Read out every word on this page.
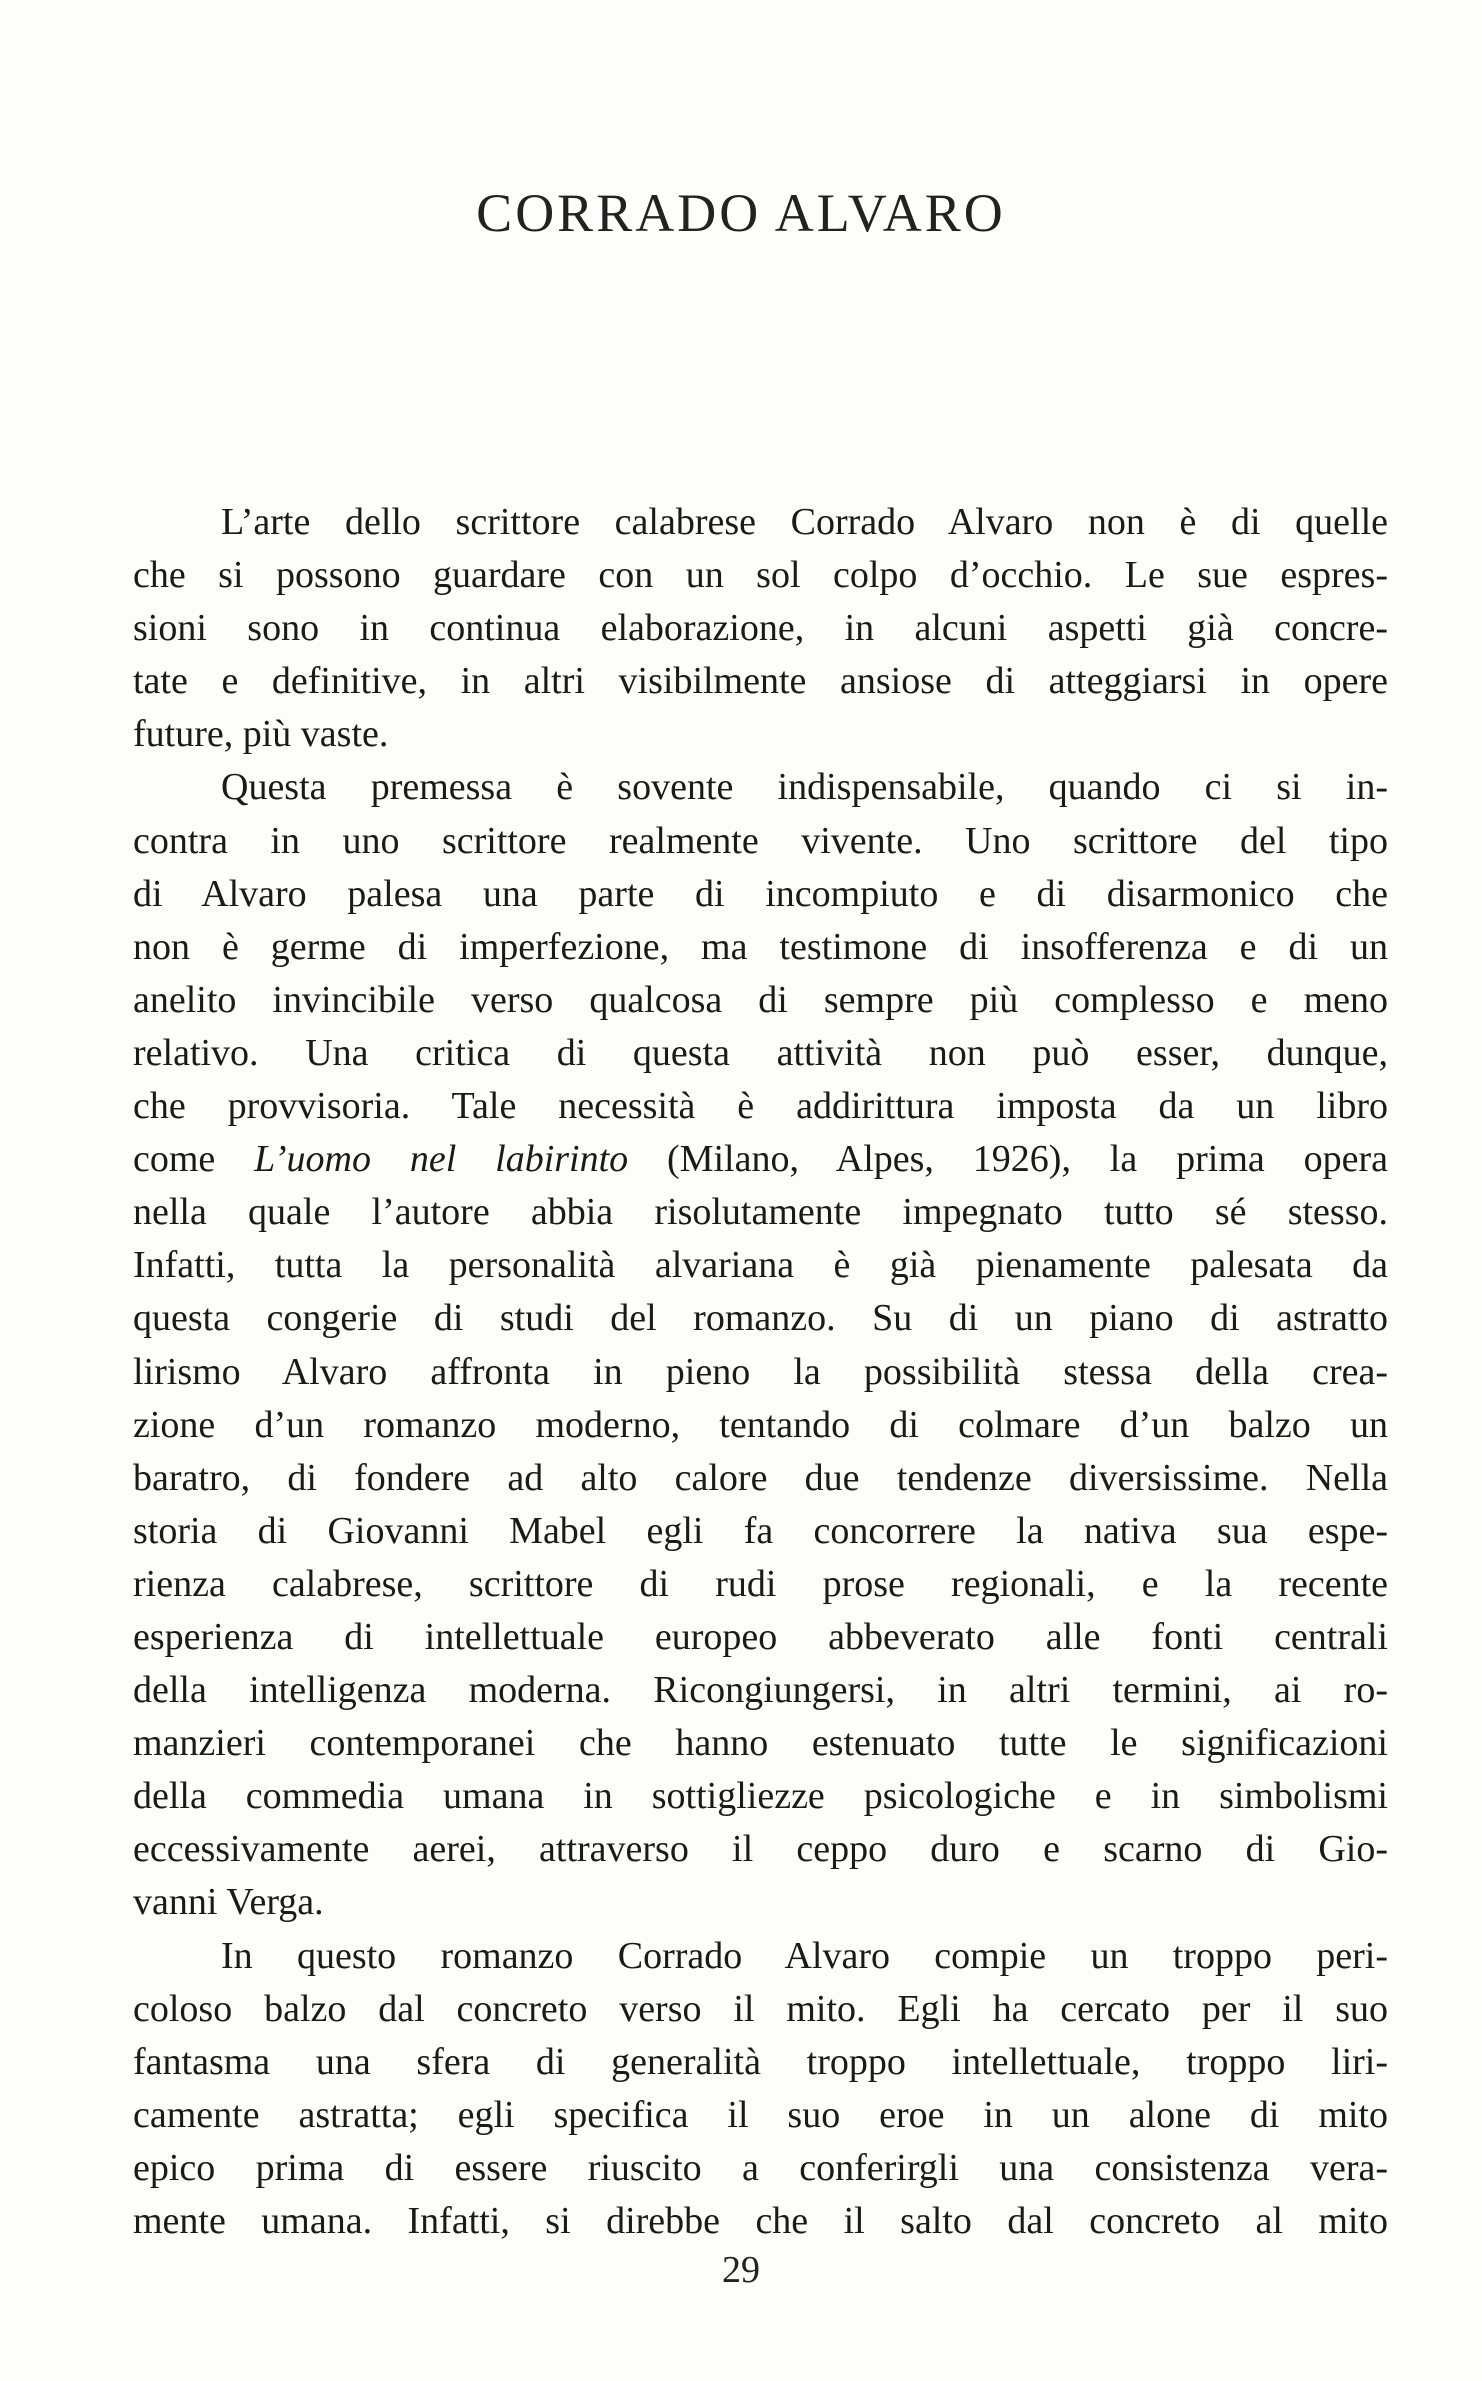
CORRADO ALVARO
L’arte dello scrittore calabrese Corrado Alvaro non è di quelle
che si possono guardare con un sol colpo d’occhio. Le sue espres-
sioni sono in continua elaborazione, in alcuni aspetti già concre-
tate e definitive, in altri visibilmente ansiose di atteggiarsi in opere
future, più vaste.
Questa premessa è sovente indispensabile, quando ci si in-
contra in uno scrittore realmente vivente. Uno scrittore del tipo
di Alvaro palesa una parte di incompiuto e di disarmonico che
non è germe di imperfezione, ma testimone di insofferenza e di un
anelito invincibile verso qualcosa di sempre più complesso e meno
relativo. Una critica di questa attività non può esser, dunque,
che provvisoria. Tale necessità è addirittura imposta da un libro
come L’uomo nel labirinto (Milano, Alpes, 1926), la prima opera
nella quale l’autore abbia risolutamente impegnato tutto sé stesso.
Infatti, tutta la personalità alvariana è già pienamente palesata da
questa congerie di studi del romanzo. Su di un piano di astratto
lirismo Alvaro affronta in pieno la possibilità stessa della crea-
zione d’un romanzo moderno, tentando di colmare d’un balzo un
baratro, di fondere ad alto calore due tendenze diversissime. Nella
storia di Giovanni Mabel egli fa concorrere la nativa sua espe-
rienza calabrese, scrittore di rudi prose regionali, e la recente
esperienza di intellettuale europeo abbeverato alle fonti centrali
della intelligenza moderna. Ricongiungersi, in altri termini, ai ro-
manzieri contemporanei che hanno estenuato tutte le significazioni
della commedia umana in sottigliezze psicologiche e in simbolismi
eccessivamente aerei, attraverso il ceppo duro e scarno di Gio-
vanni Verga.
In questo romanzo Corrado Alvaro compie un troppo peri-
coloso balzo dal concreto verso il mito. Egli ha cercato per il suo
fantasma una sfera di generalità troppo intellettuale, troppo liri-
camente astratta; egli specifica il suo eroe in un alone di mito
epico prima di essere riuscito a conferirgli una consistenza vera-
mente umana. Infatti, si direbbe che il salto dal concreto al mito
29
